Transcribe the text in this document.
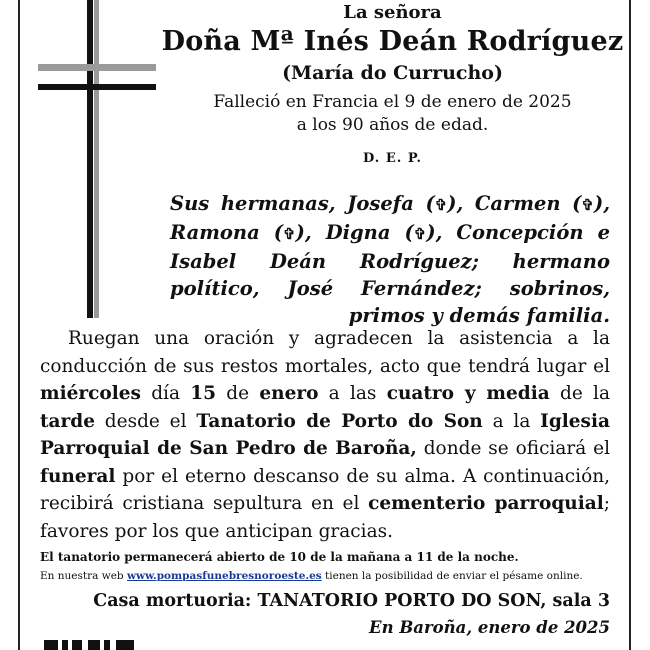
La señora
Doña Mª Inés Deán Rodríguez
(María do Currucho)
Falleció en Francia el 9 de enero de 2025
a los 90 años de edad.
D. E. P.
Sus hermanas, Josefa (✞), Carmen (✞), Ramona (✞), Digna (✞), Concepción e Isabel Deán Rodríguez; hermano político, José Fernández; sobrinos, primos y demás familia.
Ruegan una oración y agradecen la asistencia a la conducción de sus restos mortales, acto que tendrá lugar el miércoles día 15 de enero a las cuatro y media de la tarde desde el Tanatorio de Porto do Son a la Iglesia Parroquial de San Pedro de Baroña, donde se oficiará el funeral por el eterno descanso de su alma. A continuación, recibirá cristiana sepultura en el cementerio parroquial; favores por los que anticipan gracias.
El tanatorio permanecerá abierto de 10 de la mañana a 11 de la noche.
En nuestra web www.pompasfunebresnoroeste.es tienen la posibilidad de enviar el pésame online.
Casa mortuoria: TANATORIO PORTO DO SON, sala 3
En Baroña, enero de 2025
